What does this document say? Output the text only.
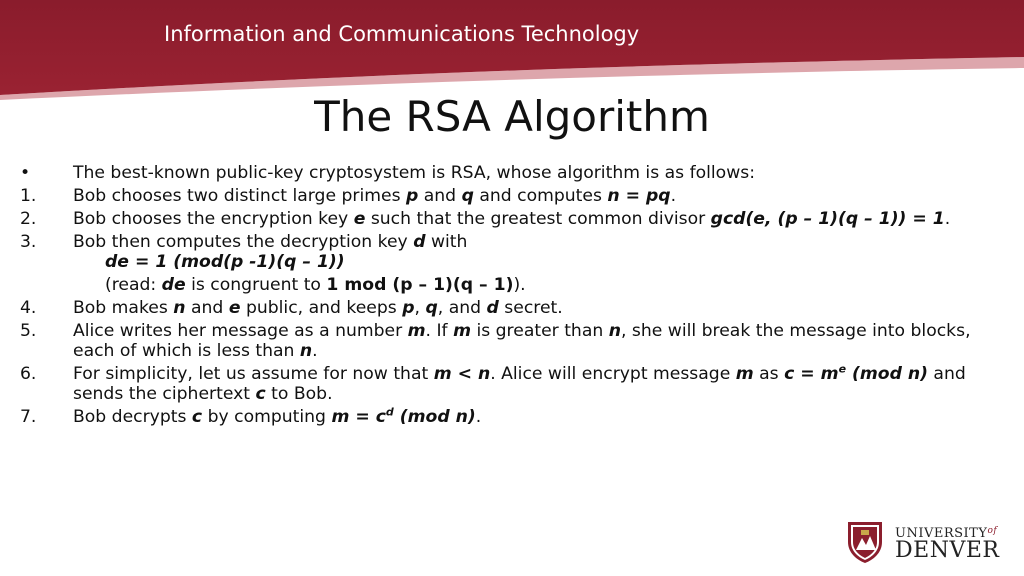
Information and Communications Technology
The RSA Algorithm
•	The best-known public-key cryptosystem is RSA, whose algorithm is as follows:
1.	Bob chooses two distinct large primes p and q and computes n = pq.
2.	Bob chooses the encryption key e such that the greatest common divisor gcd(e, (p – 1)(q – 1)) = 1.
3.	Bob then computes the decryption key d with
de = 1 (mod(p -1)(q – 1))
(read: de is congruent to 1 mod (p – 1)(q – 1)).
4.	Bob makes n and e public, and keeps p, q, and d secret.
5.	Alice writes her message as a number m. If m is greater than n, she will break the message into blocks, each of which is less than n.
6.	For simplicity, let us assume for now that m < n. Alice will encrypt message m as $c = m^e$ (mod n) and sends the ciphertext c to Bob.
7.	Bob decrypts c by computing $m = c^d$ (mod n).
$UNIVERSITY^{of}$
DENVER
